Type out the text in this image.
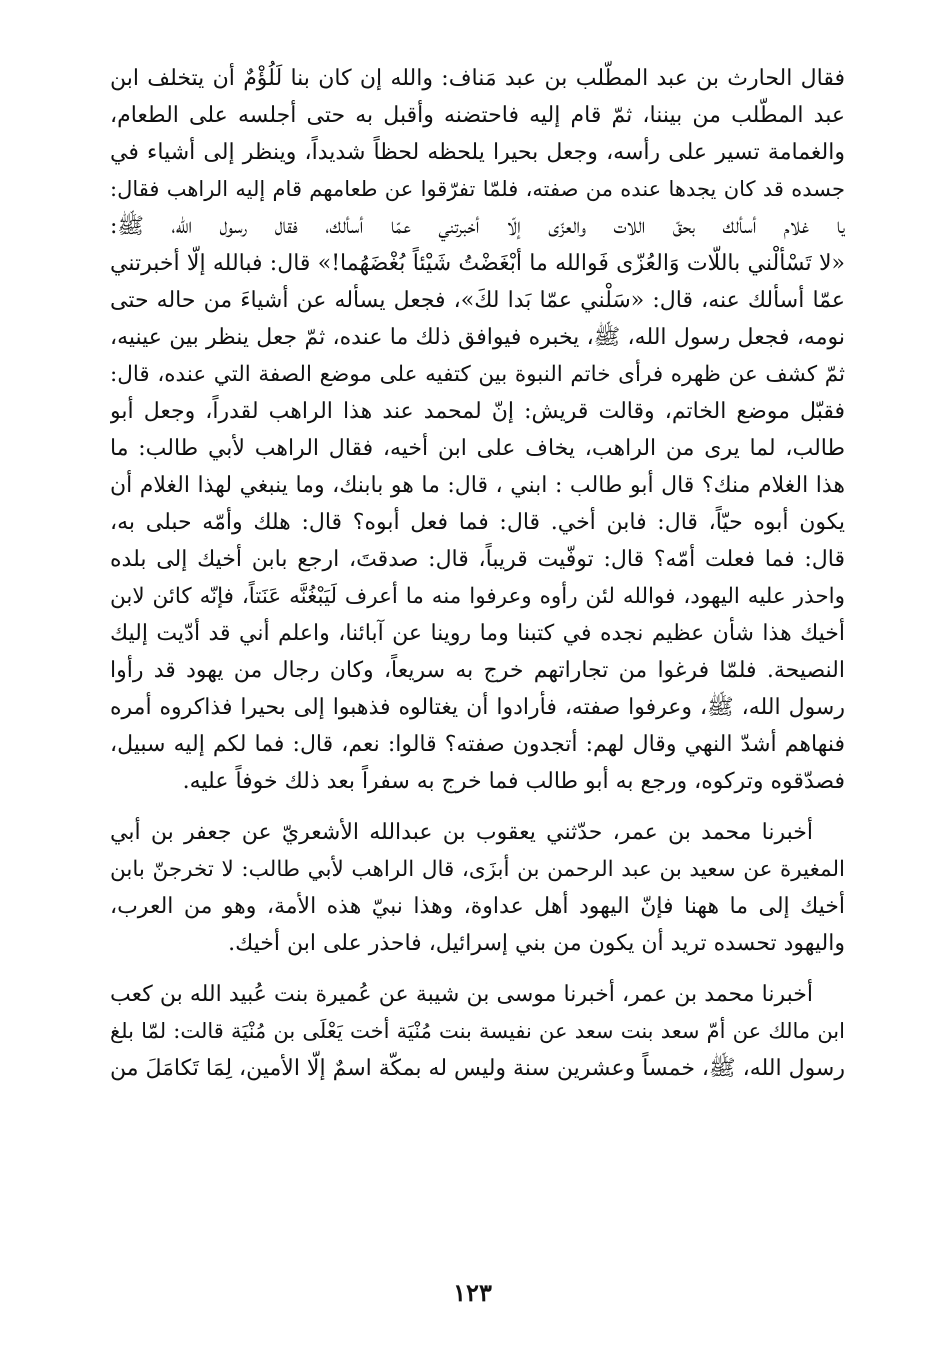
فقال الحارث بن عبد المطّلب بن عبد مَناف: والله إن كان بنا لَلُؤْمٌ أن يتخلف ابن
عبد المطّلب من بيننا، ثمّ قام إليه فاحتضنه وأقبل به حتى أجلسه على الطعام،
والغمامة تسير على رأسه، وجعل بحيرا يلحظه لحظاً شديداً، وينظر إلى أشياء في
جسده قد كان يجدها عنده من صفته، فلمّا تفرّقوا عن طعامهم قام إليه الراهب فقال:
يا غلام أسألك بحقّ اللات والعزّى إلّا أخبرتني عمّا أسألك، فقال رسول الله، ﷺ:
«لا تَسْألْني باللّات وَالعُزّى فَوالله ما أبْغَضْتُ شَيْئاً بُغْضَهُما!» قال: فبالله إلّا أخبرتني
عمّا أسألك عنه، قال: «سَلْني عمّا بَدا لكَ»، فجعل يسأله عن أشياءَ من حاله حتى
نومه، فجعل رسول الله، ﷺ، يخبره فيوافق ذلك ما عنده، ثمّ جعل ينظر بين عينيه،
ثمّ كشف عن ظهره فرأى خاتم النبوة بين كتفيه على موضع الصفة التي عنده، قال:
فقبّل موضع الخاتم، وقالت قريش: إنّ لمحمد عند هذا الراهب لقدراً، وجعل أبو
طالب، لما يرى من الراهب، يخاف على ابن أخيه، فقال الراهب لأبي طالب: ما
هذا الغلام منك؟ قال أبو طالب : ابني ، قال: ما هو بابنك، وما ينبغي لهذا الغلام أن
يكون أبوه حيّاً، قال: فابن أخي. قال: فما فعل أبوه؟ قال: هلك وأمّه حبلى به،
قال: فما فعلت أمّه؟ قال: توفّيت قريباً، قال: صدقتَ، ارجع بابن أخيك إلى بلده
واحذر عليه اليهود، فوالله لئن رأوه وعرفوا منه ما أعرف لَيَبْغُنَّه عَنَتاً، فإنّه كائن لابن
أخيك هذا شأن عظيم نجده في كتبنا وما روينا عن آبائنا، واعلم أني قد أدّيت إليك
النصيحة. فلمّا فرغوا من تجاراتهم خرج به سريعاً، وكان رجال من يهود قد رأوا
رسول الله، ﷺ، وعرفوا صفته، فأرادوا أن يغتالوه فذهبوا إلى بحيرا فذاكروه أمره
فنهاهم أشدّ النهي وقال لهم: أتجدون صفته؟ قالوا: نعم، قال: فما لكم إليه سبيل،
فصدّقوه وتركوه، ورجع به أبو طالب فما خرج به سفراً بعد ذلك خوفاً عليه.
أخبرنا محمد بن عمر، حدّثني يعقوب بن عبدالله الأشعريّ عن جعفر بن أبي
المغيرة عن سعيد بن عبد الرحمن بن أبزَى، قال الراهب لأبي طالب: لا تخرجنّ بابن
أخيك إلى ما ههنا فإنّ اليهود أهل عداوة، وهذا نبيّ هذه الأمة، وهو من العرب،
واليهود تحسده تريد أن يكون من بني إسرائيل، فاحذر على ابن أخيك.
أخبرنا محمد بن عمر، أخبرنا موسى بن شيبة عن عُميرة بنت عُبيد الله بن كعب
ابن مالك عن أمّ سعد بنت سعد عن نفيسة بنت مُنْيَة أخت يَعْلَى بن مُنْيَة قالت: لمّا بلغ
رسول الله، ﷺ، خمساً وعشرين سنة وليس له بمكّة اسمٌ إلّا الأمين، لِمَا تَكامَلَ من
١٢٣
